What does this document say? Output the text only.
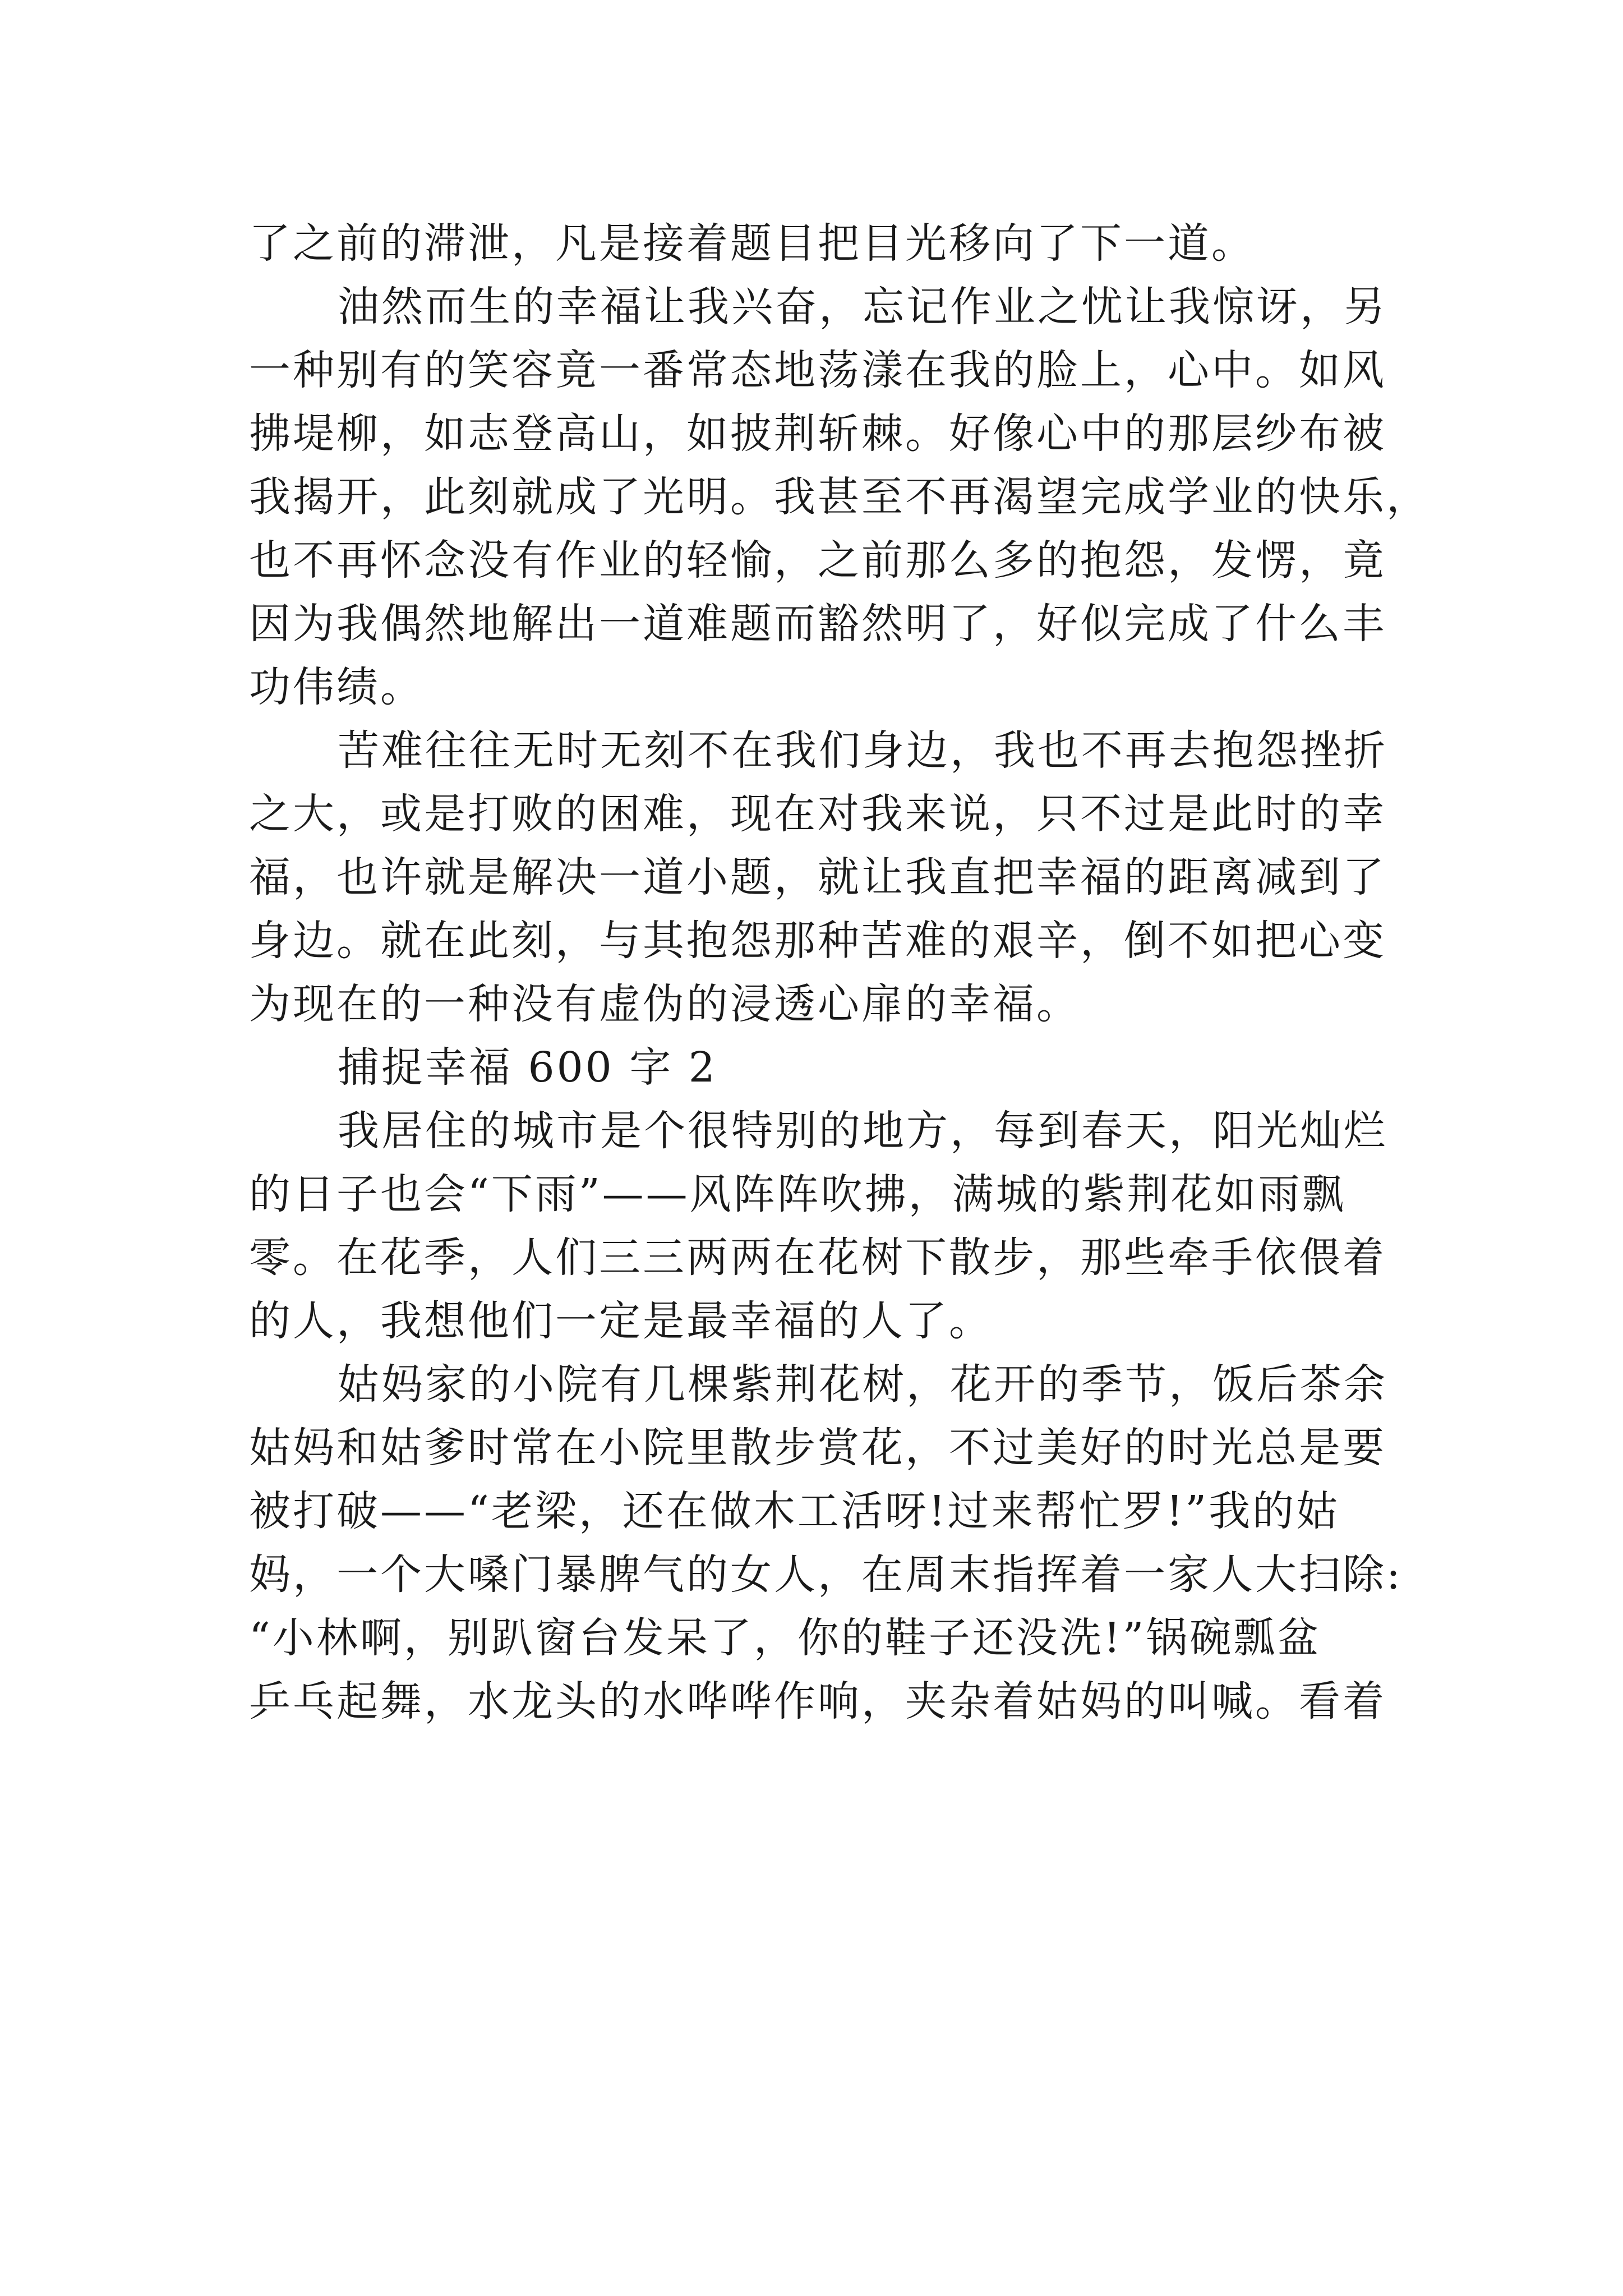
了之前的滞泄，凡是接着题目把目光移向了下一道。
油然而生的幸福让我兴奋，忘记作业之忧让我惊讶，另
一种别有的笑容竟一番常态地荡漾在我的脸上，心中。如风
拂堤柳，如志登高山，如披荆斩棘。好像心中的那层纱布被
我揭开，此刻就成了光明。我甚至不再渴望完成学业的快乐，
也不再怀念没有作业的轻愉，之前那么多的抱怨，发愣，竟
因为我偶然地解出一道难题而豁然明了，好似完成了什么丰
功伟绩。
苦难往往无时无刻不在我们身边，我也不再去抱怨挫折
之大，或是打败的困难，现在对我来说，只不过是此时的幸
福，也许就是解决一道小题，就让我直把幸福的距离减到了
身边。就在此刻，与其抱怨那种苦难的艰辛，倒不如把心变
为现在的一种没有虚伪的浸透心扉的幸福。
捕捉幸福 600 字 2
我居住的城市是个很特别的地方，每到春天，阳光灿烂
的日子也会“下雨”——风阵阵吹拂，满城的紫荆花如雨飘
零。在花季，人们三三两两在花树下散步，那些牵手依偎着
的人，我想他们一定是最幸福的人了。
姑妈家的小院有几棵紫荆花树，花开的季节，饭后茶余
姑妈和姑爹时常在小院里散步赏花，不过美好的时光总是要
被打破——“老梁，还在做木工活呀!过来帮忙罗!”我的姑
妈，一个大嗓门暴脾气的女人，在周末指挥着一家人大扫除:
“小林啊，别趴窗台发呆了，你的鞋子还没洗!”锅碗瓢盆
乒乓起舞，水龙头的水哗哗作响，夹杂着姑妈的叫喊。看着
